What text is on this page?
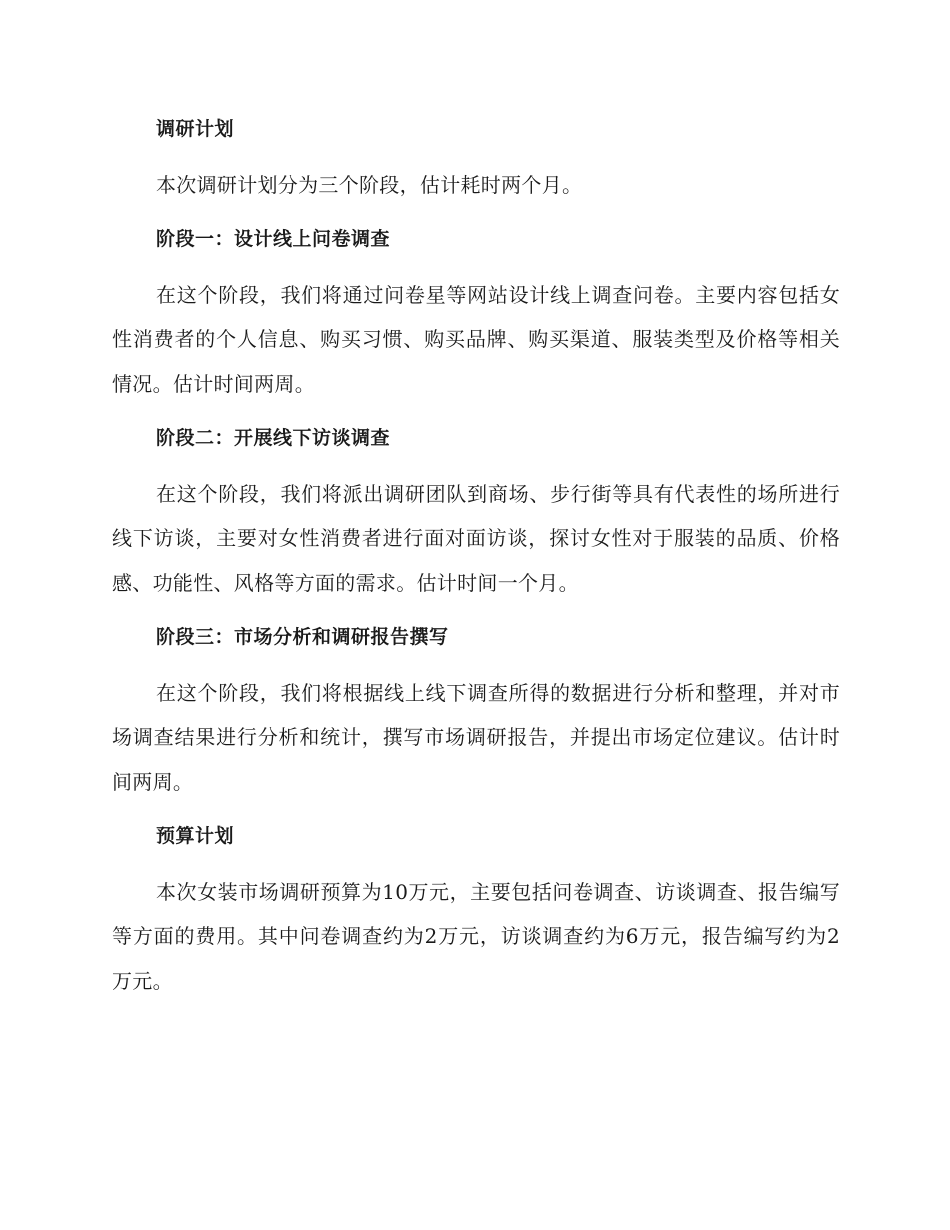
调研计划

本次调研计划分为三个阶段，估计耗时两个月。

阶段一：设计线上问卷调查

在这个阶段，我们将通过问卷星等网站设计线上调查问卷。主要内容包括女性消费者的个人信息、购买习惯、购买品牌、购买渠道、服装类型及价格等相关情况。估计时间两周。

阶段二：开展线下访谈调查

在这个阶段，我们将派出调研团队到商场、步行街等具有代表性的场所进行线下访谈，主要对女性消费者进行面对面访谈，探讨女性对于服装的品质、价格感、功能性、风格等方面的需求。估计时间一个月。

阶段三：市场分析和调研报告撰写

在这个阶段，我们将根据线上线下调查所得的数据进行分析和整理，并对市场调查结果进行分析和统计，撰写市场调研报告，并提出市场定位建议。估计时间两周。

预算计划

本次女装市场调研预算为10万元，主要包括问卷调查、访谈调查、报告编写等方面的费用。其中问卷调查约为2万元，访谈调查约为6万元，报告编写约为2万元。
